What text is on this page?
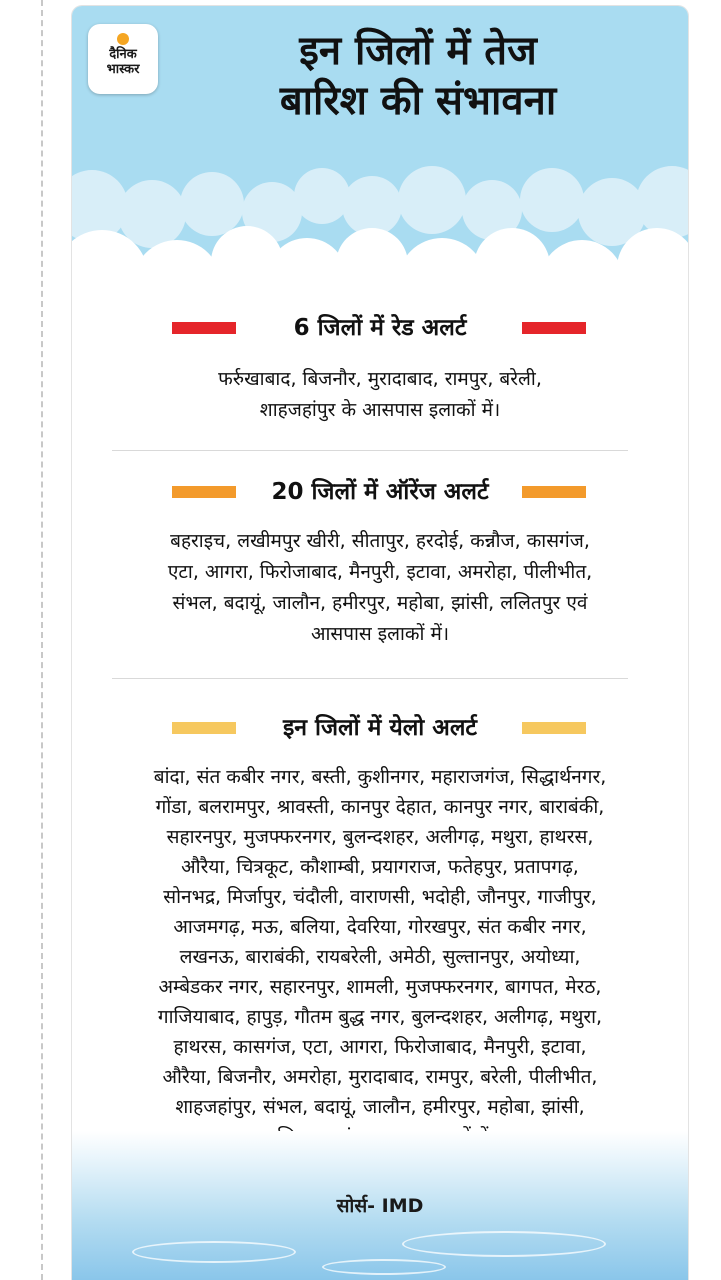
दैनिक
भास्कर	इन जिलों में तेज
बारिश की संभावना
6 जिलों में रेड अलर्ट
फर्रुखाबाद, बिजनौर, मुरादाबाद, रामपुर, बरेली,
शाहजहांपुर के आसपास इलाकों में।
20 जिलों में ऑरेंज अलर्ट
बहराइच, लखीमपुर खीरी, सीतापुर, हरदोई, कन्नौज, कासगंज,
एटा, आगरा, फिरोजाबाद, मैनपुरी, इटावा, अमरोहा, पीलीभीत,
संभल, बदायूं, जालौन, हमीरपुर, महोबा, झांसी, ललितपुर एवं
आसपास इलाकों में।
इन जिलों में येलो अलर्ट
बांदा, संत कबीर नगर, बस्ती, कुशीनगर, महाराजगंज, सिद्धार्थनगर,
गोंडा, बलरामपुर, श्रावस्ती, कानपुर देहात, कानपुर नगर, बाराबंकी,
सहारनपुर, मुजफ्फरनगर, बुलन्दशहर, अलीगढ़, मथुरा, हाथरस,
औरैया, चित्रकूट, कौशाम्बी, प्रयागराज, फतेहपुर, प्रतापगढ़,
सोनभद्र, मिर्जापुर, चंदौली, वाराणसी, भदोही, जौनपुर, गाजीपुर,
आजमगढ़, मऊ, बलिया, देवरिया, गोरखपुर, संत कबीर नगर,
लखनऊ, बाराबंकी, रायबरेली, अमेठी, सुल्तानपुर, अयोध्या,
अम्बेडकर नगर, सहारनपुर, शामली, मुजफ्फरनगर, बागपत, मेरठ,
गाजियाबाद, हापुड़, गौतम बुद्ध नगर, बुलन्दशहर, अलीगढ़, मथुरा,
हाथरस, कासगंज, एटा, आगरा, फिरोजाबाद, मैनपुरी, इटावा,
औरैया, बिजनौर, अमरोहा, मुरादाबाद, रामपुर, बरेली, पीलीभीत,
शाहजहांपुर, संभल, बदायूं, जालौन, हमीरपुर, महोबा, झांसी,
सोर्स- IMD
